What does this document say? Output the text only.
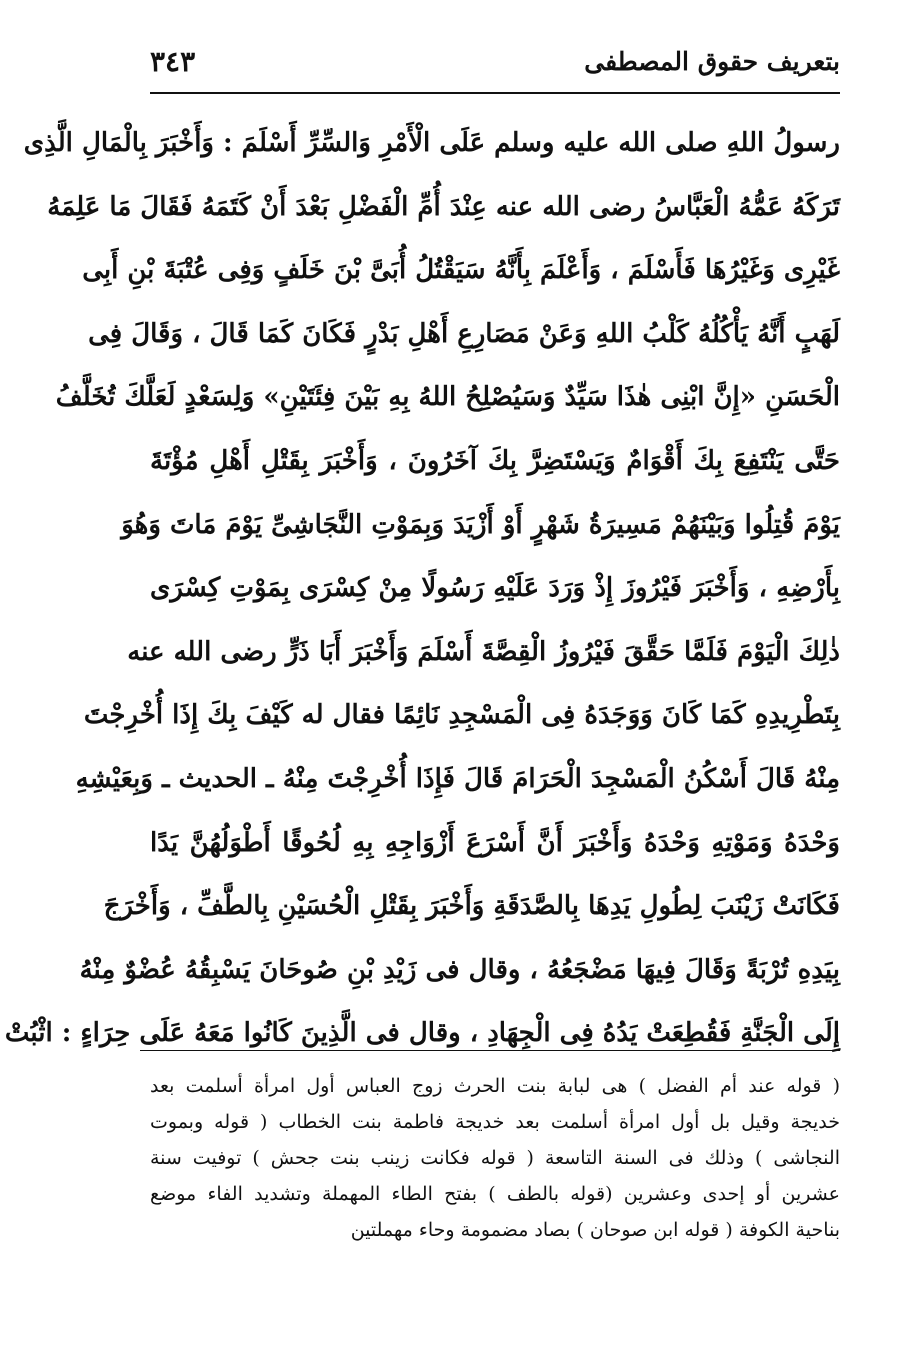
بتعريف حقوق المصطفى
٣٤٣
رسولُ اللهِ صلى الله عليه وسلم عَلَى الْأَمْرِ وَالسِّرِّ أَسْلَمَ : وَأَخْبَرَ بِالْمَالِ الَّذِى
تَرَكَهُ عَمُّهُ الْعَبَّاسُ رضى الله عنه عِنْدَ أُمِّ الْفَضْلِ بَعْدَ أَنْ كَتَمَهُ فَقَالَ مَا عَلِمَهُ
غَيْرِى وَغَيْرُهَا فَأَسْلَمَ ، وَأَعْلَمَ بِأَنَّهُ سَيَقْتُلُ أُبَىَّ بْنَ خَلَفٍ وَفِى عُتْبَةَ بْنِ أَبِى
لَهَبٍ أَنَّهُ يَأْكُلُهُ كَلْبُ اللهِ وَعَنْ مَصَارِعِ أَهْلِ بَدْرٍ فَكَانَ كَمَا قَالَ ، وَقَالَ فِى
الْحَسَنِ «إِنَّ ابْنِى هٰذَا سَيِّدٌ وَسَيُصْلِحُ اللهُ بِهِ بَيْنَ فِئَتَيْنِ» وَلِسَعْدٍ لَعَلَّكَ تُخَلَّفُ
حَتَّى يَنْتَفِعَ بِكَ أَقْوَامٌ وَيَسْتَضِرَّ بِكَ آخَرُونَ ، وَأَخْبَرَ بِقَتْلِ أَهْلِ مُؤْتَةَ
يَوْمَ قُتِلُوا وَبَيْنَهُمْ مَسِيرَةُ شَهْرٍ أَوْ أَزْيَدَ وَبِمَوْتِ النَّجَاشِىِّ يَوْمَ مَاتَ وَهُوَ
بِأَرْضِهِ ، وَأَخْبَرَ فَيْرُوزَ إِذْ وَرَدَ عَلَيْهِ رَسُولًا مِنْ كِسْرَى بِمَوْتِ كِسْرَى
ذٰلِكَ الْيَوْمَ فَلَمَّا حَقَّقَ فَيْرُوزُ الْقِصَّةَ أَسْلَمَ وَأَخْبَرَ أَبَا ذَرٍّ رضى الله عنه
بِتَطْرِيدِهِ كَمَا كَانَ وَوَجَدَهُ فِى الْمَسْجِدِ نَائِمًا فقال له كَيْفَ بِكَ إِذَا أُخْرِجْتَ
مِنْهُ قَالَ أَسْكُنُ الْمَسْجِدَ الْحَرَامَ قَالَ فَإِذَا أُخْرِجْتَ مِنْهُ ـ الحديث ـ وَبِعَيْشِهِ
وَحْدَهُ وَمَوْتِهِ وَحْدَهُ وَأَخْبَرَ أَنَّ أَسْرَعَ أَزْوَاجِهِ بِهِ لُحُوقًا أَطْوَلُهُنَّ يَدًا
فَكَانَتْ زَيْنَبَ لِطُولِ يَدِهَا بِالصَّدَقَةِ وَأَخْبَرَ بِقَتْلِ الْحُسَيْنِ بِالطَّفِّ ، وَأَخْرَجَ
بِيَدِهِ تُرْبَةً وَقَالَ فِيهَا مَضْجَعُهُ ، وقال فى زَيْدِ بْنِ صُوحَانَ يَسْبِقُهُ عُضْوٌ مِنْهُ
إِلَى الْجَنَّةِ فَقُطِعَتْ يَدُهُ فِى الْجِهَادِ ، وقال فى الَّذِينَ كَانُوا مَعَهُ عَلَى حِرَاءٍ : اثْبُتْ
( قوله عند أم الفضل ) هى لبابة بنت الحرث زوج العباس أول امرأة أسلمت بعد
خديجة وقيل بل أول امرأة أسلمت بعد خديجة فاطمة بنت الخطاب ( قوله وبموت
النجاشى ) وذلك فى السنة التاسعة ( قوله فكانت زينب بنت جحش ) توفيت سنة
عشرين أو إحدى وعشرين (قوله بالطف ) بفتح الطاء المهملة وتشديد الفاء موضع
بناحية الكوفة ( قوله ابن صوحان ) بصاد مضمومة وحاء مهملتين
